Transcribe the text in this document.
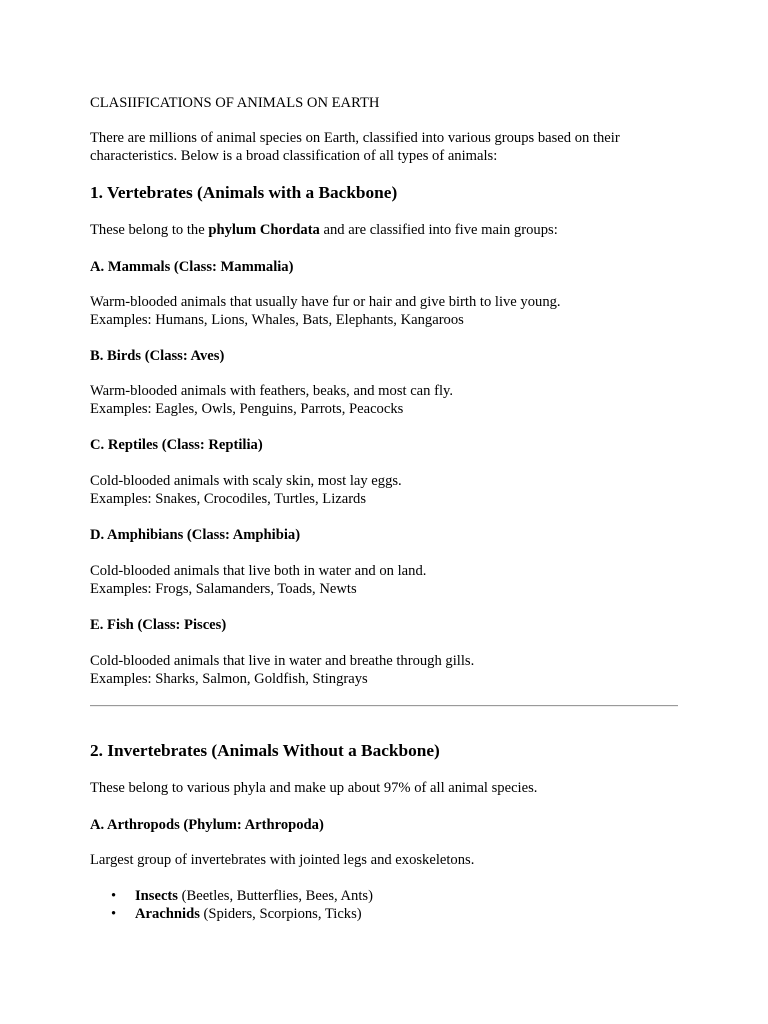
CLASIIFICATIONS OF ANIMALS ON EARTH
There are millions of animal species on Earth, classified into various groups based on their
characteristics. Below is a broad classification of all types of animals:
1. Vertebrates (Animals with a Backbone)
These belong to the phylum Chordata and are classified into five main groups:
A. Mammals (Class: Mammalia)
Warm-blooded animals that usually have fur or hair and give birth to live young.
Examples: Humans, Lions, Whales, Bats, Elephants, Kangaroos
B. Birds (Class: Aves)
Warm-blooded animals with feathers, beaks, and most can fly.
Examples: Eagles, Owls, Penguins, Parrots, Peacocks
C. Reptiles (Class: Reptilia)
Cold-blooded animals with scaly skin, most lay eggs.
Examples: Snakes, Crocodiles, Turtles, Lizards
D. Amphibians (Class: Amphibia)
Cold-blooded animals that live both in water and on land.
Examples: Frogs, Salamanders, Toads, Newts
E. Fish (Class: Pisces)
Cold-blooded animals that live in water and breathe through gills.
Examples: Sharks, Salmon, Goldfish, Stingrays
2. Invertebrates (Animals Without a Backbone)
These belong to various phyla and make up about 97% of all animal species.
A. Arthropods (Phylum: Arthropoda)
Largest group of invertebrates with jointed legs and exoskeletons.
• Insects (Beetles, Butterflies, Bees, Ants)
• Arachnids (Spiders, Scorpions, Ticks)
